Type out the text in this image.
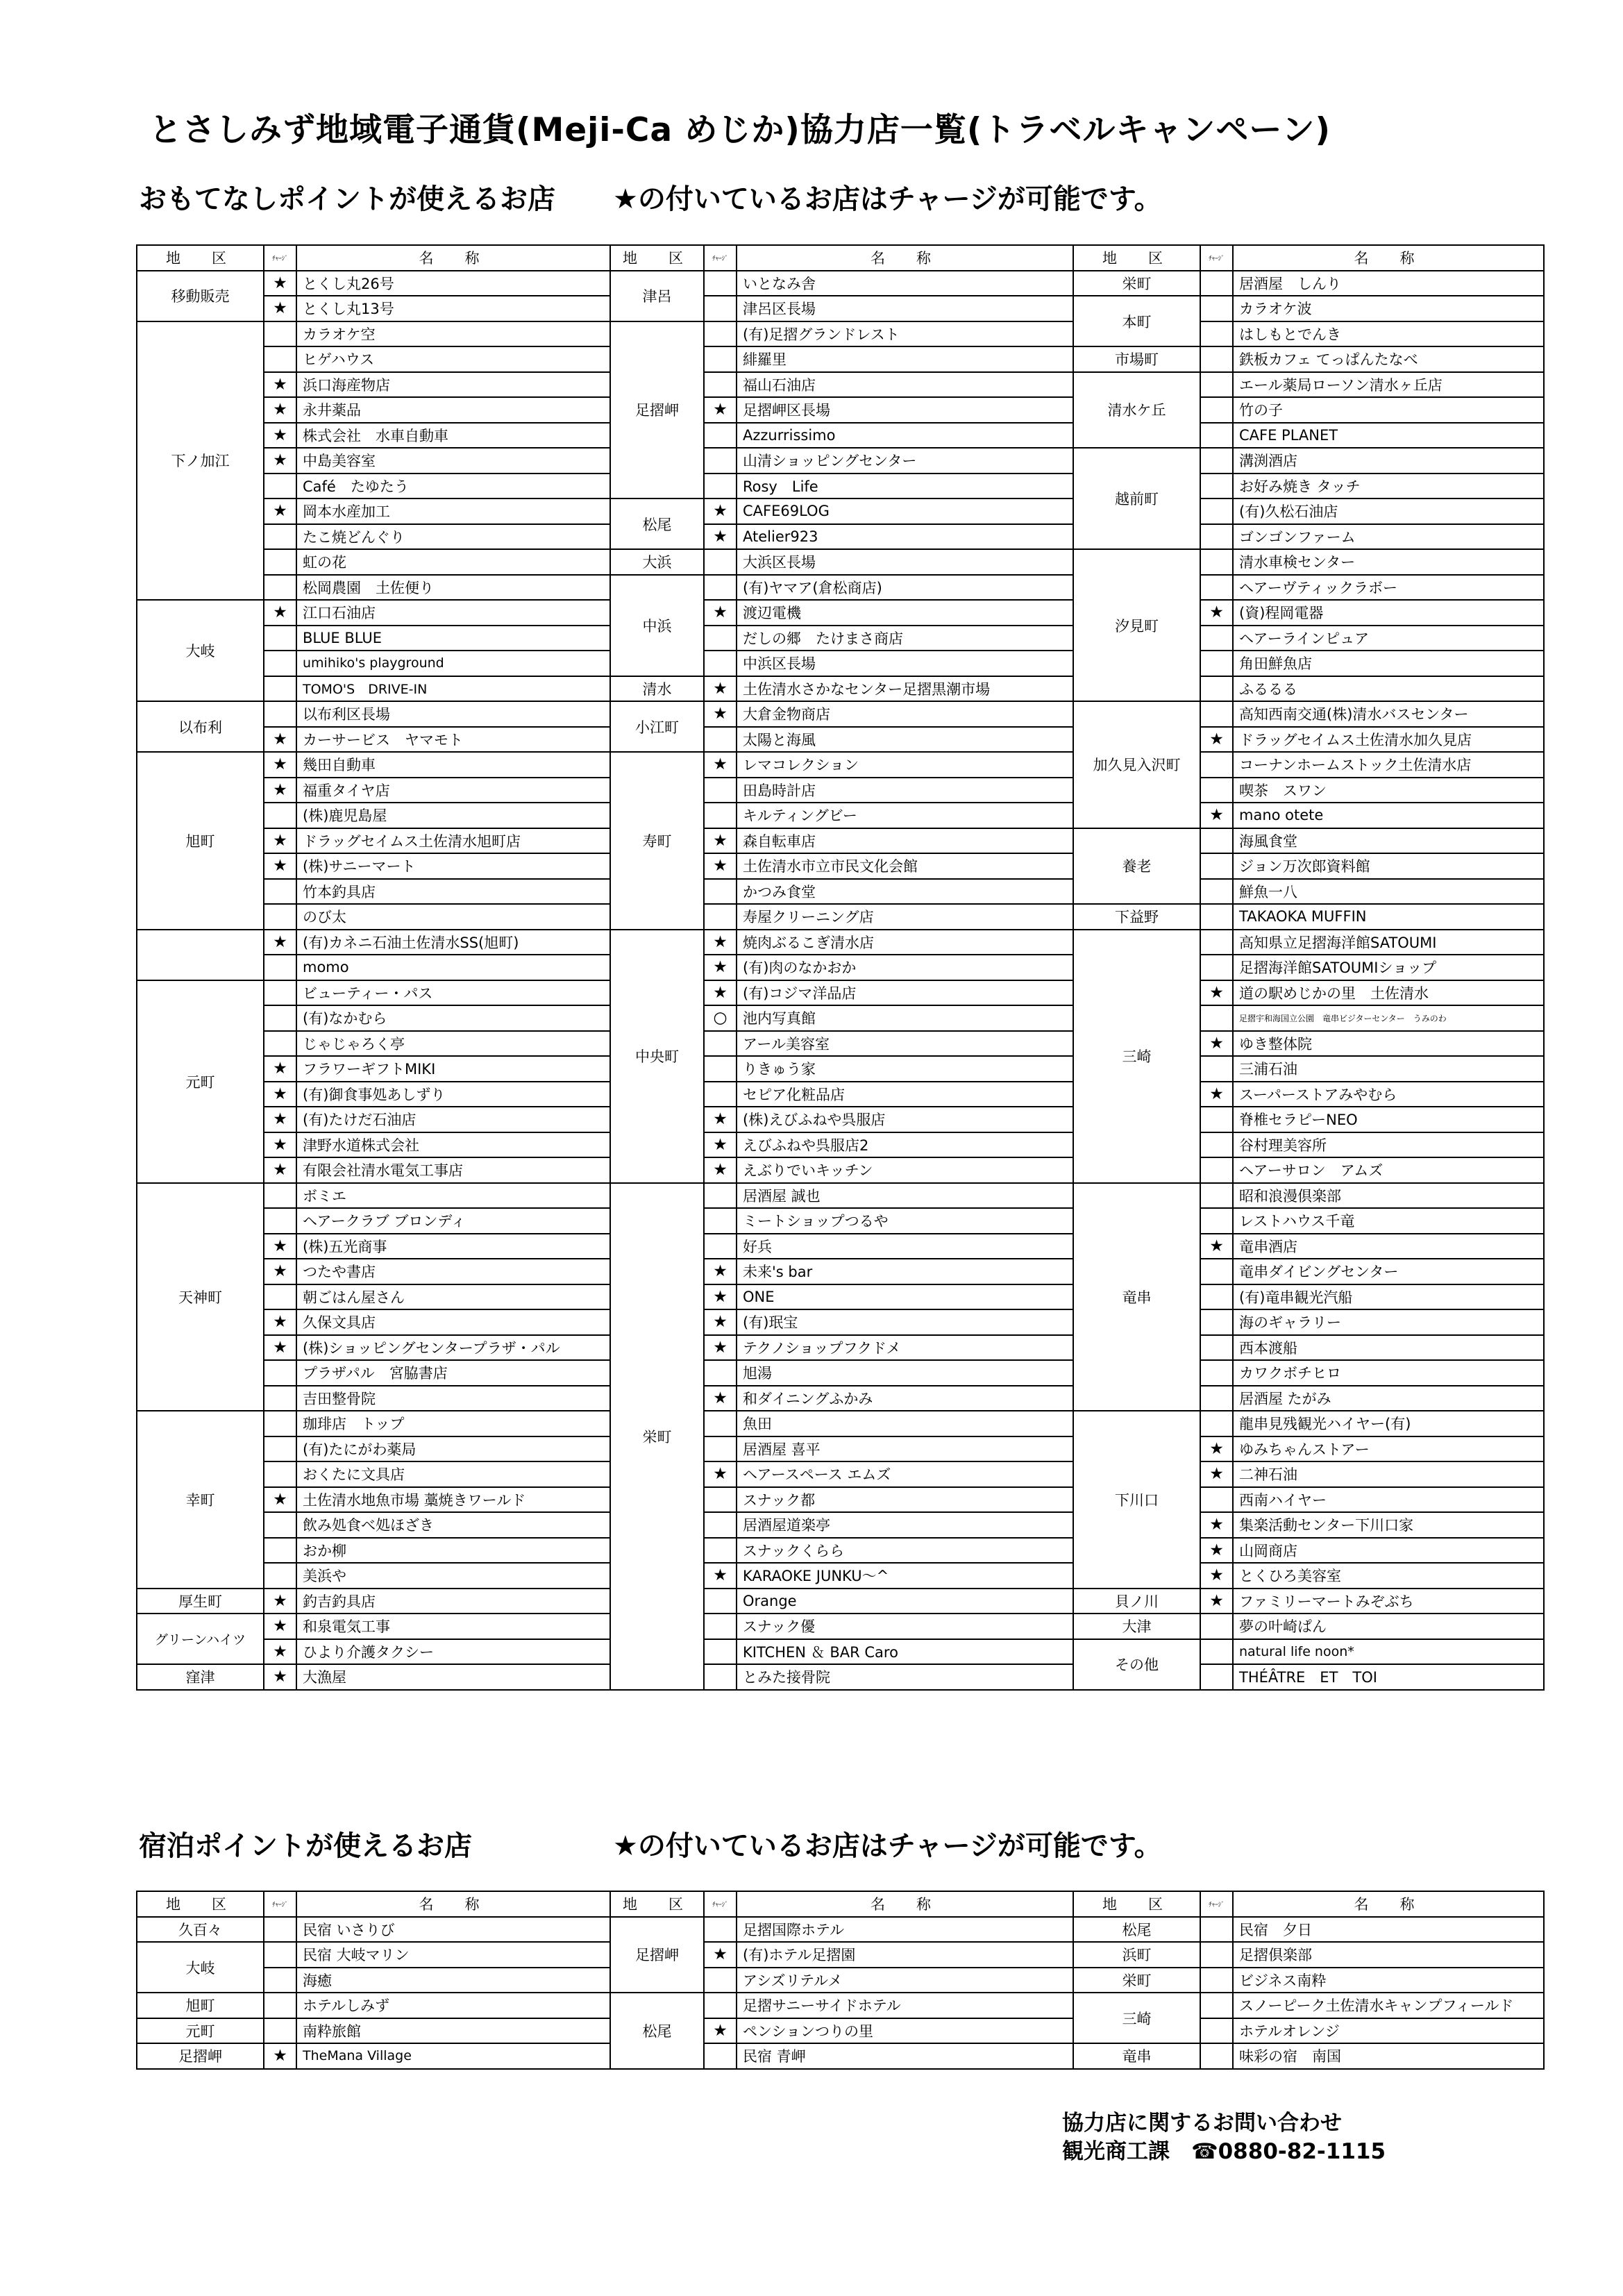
とさしみず地域電子通貨(Meji-Ca めじか)協力店一覧(トラベルキャンペーン)
おもてなしポイントが使えるお店 ★の付いているお店はチャージが可能です。
地　区	ﾁｬｰｼﾞ	名　称	地　区	ﾁｬｰｼﾞ	名　称	地　区	ﾁｬｰｼﾞ	名　称
移動販売	★	とくし丸26号	津呂		いとなみ舎	栄町		居酒屋　しんり
	★	とくし丸13号			津呂区長場	本町		カラオケ波
下ノ加江		カラオケ空	足摺岬		(有)足摺グランドレスト			はしもとでんき
		ヒゲハウス			緋羅里	市場町		鉄板カフェ てっぱんたなべ
	★	浜口海産物店			福山石油店	清水ケ丘		エール薬局ローソン清水ヶ丘店
	★	永井薬品		★	足摺岬区長場			竹の子
	★	株式会社　水車自動車			Azzurrissimo			CAFE PLANET
	★	中島美容室			山清ショッピングセンター	越前町		溝渕酒店
		Café　たゆたう			Rosy　Life			お好み焼き タッチ
	★	岡本水産加工	松尾	★	CAFE69LOG			(有)久松石油店
		たこ焼どんぐり		★	Atelier923			ゴンゴンファーム
		虹の花	大浜		大浜区長場	汐見町		清水車検センター
		松岡農園　土佐便り	中浜		(有)ヤマア(倉松商店)			ヘアーヴティックラボー
大岐	★	江口石油店		★	渡辺電機		★	(資)程岡電器
		BLUE BLUE			だしの郷　たけまさ商店			ヘアーラインピュア
		umihiko's playground			中浜区長場			角田鮮魚店
		TOMO'S　DRIVE-IN	清水	★	土佐清水さかなセンター足摺黒潮市場			ふるるる
以布利		以布利区長場	小江町	★	大倉金物商店	加久見入沢町		高知西南交通(株)清水バスセンター
	★	カーサービス　ヤマモト			太陽と海風		★	ドラッグセイムス土佐清水加久見店
旭町	★	幾田自動車	寿町	★	レマコレクション			コーナンホームストック土佐清水店
	★	福重タイヤ店			田島時計店			喫茶　スワン
		(株)鹿児島屋			キルティングビー		★	mano otete
	★	ドラッグセイムス土佐清水旭町店		★	森自転車店	養老		海風食堂
	★	(株)サニーマート		★	土佐清水市立市民文化会館			ジョン万次郎資料館
		竹本釣具店			かつみ食堂			鮮魚一八
		のび太			寿屋クリーニング店	下益野		TAKAOKA MUFFIN
	★	(有)カネニ石油土佐清水SS(旭町)	中央町	★	焼肉ぶるこぎ清水店	三崎		高知県立足摺海洋館SATOUMI
		momo		★	(有)肉のなかおか			足摺海洋館SATOUMIショップ
元町		ビューティー・パス		★	(有)コジマ洋品店		★	道の駅めじかの里　土佐清水
		(有)なかむら		○	池内写真館			足摺宇和海国立公園　竜串ビジターセンター　うみのわ
		じゃじゃろく亭			アール美容室		★	ゆき整体院
	★	フラワーギフトMIKI			りきゅう家			三浦石油
	★	(有)御食事処あしずり			セピア化粧品店		★	スーパーストアみやむら
	★	(有)たけだ石油店		★	(株)えびふねや呉服店			脊椎セラピーNEO
	★	津野水道株式会社		★	えびふねや呉服店2			谷村理美容所
	★	有限会社清水電気工事店		★	えぶりでいキッチン			ヘアーサロン　アムズ
天神町		ボミエ	栄町		居酒屋 誠也	竜串		昭和浪漫倶楽部
		ヘアークラブ ブロンディ			ミートショップつるや			レストハウス千竜
	★	(株)五光商事			好兵		★	竜串酒店
	★	つたや書店		★	未来's bar			竜串ダイビングセンター
		朝ごはん屋さん		★	ONE			(有)竜串観光汽船
	★	久保文具店		★	(有)珉宝			海のギャラリー
	★	(株)ショッピングセンタープラザ・パル		★	テクノショップフクドメ			西本渡船
		プラザパル　宮脇書店			旭湯			カワクボチヒロ
		吉田整骨院		★	和ダイニングふかみ			居酒屋 たがみ
幸町		珈琲店　トップ			魚田	下川口		龍串見残観光ハイヤー(有)
		(有)たにがわ薬局			居酒屋 喜平		★	ゆみちゃんストアー
		おくたに文具店		★	ヘアースペース エムズ		★	二神石油
	★	土佐清水地魚市場 藁焼きワールド			スナック都			西南ハイヤー
		飲み処食べ処ほざき			居酒屋道楽亭		★	集楽活動センター下川口家
		おか柳			スナックくらら		★	山岡商店
		美浜や		★	KARAOKE JUNKU～^		★	とくひろ美容室
厚生町	★	釣吉釣具店			Orange	貝ノ川	★	ファミリーマートみぞぶち
グリーンハイツ	★	和泉電気工事			スナック優	大津		夢の叶崎ぱん
	★	ひより介護タクシー			KITCHEN ＆ BAR Caro	その他		natural life noon*
窪津	★	大漁屋			とみた接骨院			THÉÂTRE　ET　TOI
宿泊ポイントが使えるお店	★の付いているお店はチャージが可能です。
地　区	ﾁｬｰｼﾞ	名　称	地　区	ﾁｬｰｼﾞ	名　称	地　区	ﾁｬｰｼﾞ	名　称
久百々		民宿 いさりび	足摺岬		足摺国際ホテル	松尾		民宿　夕日
大岐		民宿 大岐マリン		★	(有)ホテル足摺園	浜町		足摺倶楽部
		海癒			アシズリテルメ	栄町		ビジネス南粋
旭町		ホテルしみず	松尾		足摺サニーサイドホテル	三崎		スノーピーク土佐清水キャンプフィールド
元町		南粋旅館		★	ペンションつりの里			ホテルオレンジ
足摺岬	★	TheMana Village			民宿 青岬	竜串		味彩の宿　南国
協力店に関するお問い合わせ
観光商工課　☎0880-82-1115
